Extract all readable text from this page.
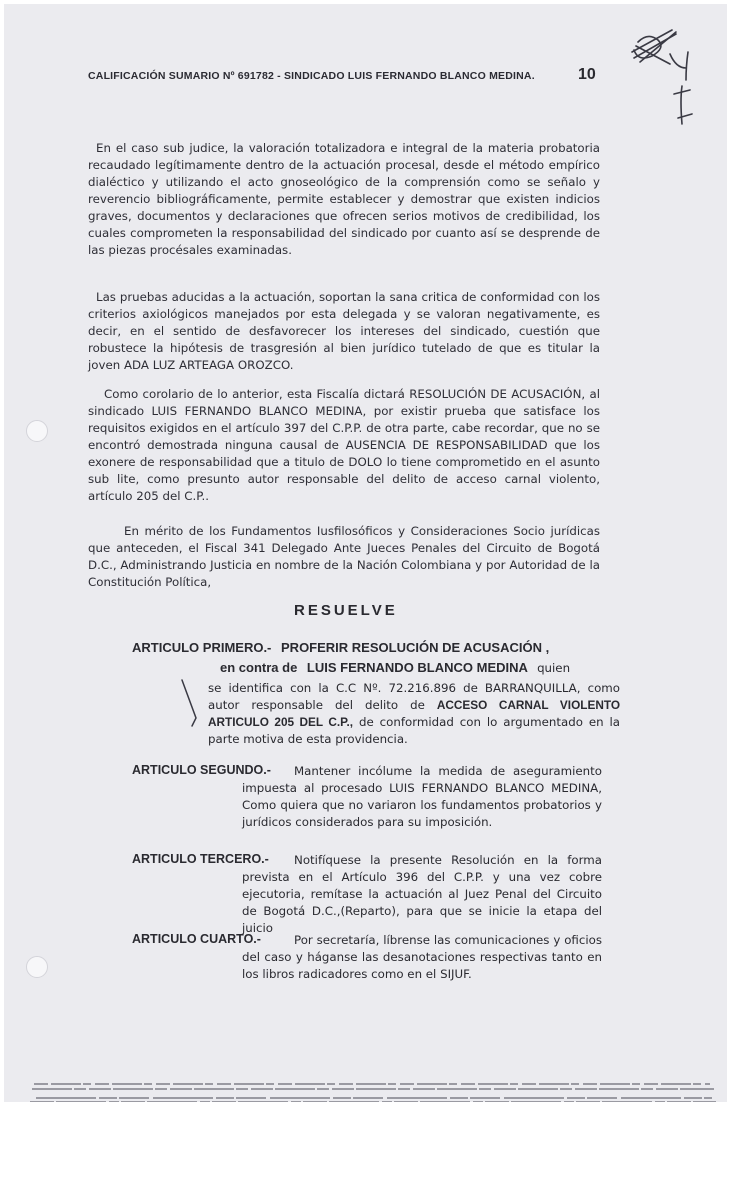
CALIFICACIÓN SUMARIO Nº 691782 - SINDICADO LUIS FERNANDO BLANCO MEDINA.	10

En el caso sub judice, la valoración totalizadora e integral de la materia probatoria recaudado legítimamente dentro de la actuación procesal, desde el método empírico dialéctico y utilizando el acto gnoseológico de la comprensión como se señalo y reverencio bibliográficamente, permite establecer y demostrar que existen indicios graves, documentos y declaraciones que ofrecen serios motivos de credibilidad, los cuales comprometen la responsabilidad del sindicado por cuanto así se desprende de las piezas procésales examinadas.

Las pruebas aducidas a la actuación, soportan la sana critica de conformidad con los criterios axiológicos manejados por esta delegada y se valoran negativamente, es decir, en el sentido de desfavorecer los intereses del sindicado, cuestión que robustece la hipótesis de trasgresión al bien jurídico tutelado de que es titular la joven ADA LUZ ARTEAGA OROZCO.

Como corolario de lo anterior, esta Fiscalía dictará RESOLUCIÓN DE ACUSACIÓN, al sindicado LUIS FERNANDO BLANCO MEDINA, por existir prueba que satisface los requisitos exigidos en el artículo 397 del C.P.P. de otra parte, cabe recordar, que no se encontró demostrada ninguna causal de AUSENCIA DE RESPONSABILIDAD que los exonere de responsabilidad que a titulo de DOLO lo tiene comprometido en el asunto sub lite, como presunto autor responsable del delito de acceso carnal violento, artículo 205 del C.P..

En mérito de los Fundamentos Iusfilosóficos y Consideraciones Socio jurídicas que anteceden, el Fiscal 341 Delegado Ante Jueces Penales del Circuito de Bogotá D.C., Administrando Justicia en nombre de la Nación Colombiana y por Autoridad de la Constitución Política,

RESUELVE
ARTICULO PRIMERO.- PROFERIR RESOLUCIÓN DE ACUSACIÓN ,
en contra de LUIS FERNANDO BLANCO MEDINA quien

se identifica con la C.C Nº. 72.216.896 de BARRANQUILLA, como autor responsable del delito de ACCESO CARNAL VIOLENTO ARTICULO 205 DEL C.P., de conformidad con lo argumentado en la parte motiva de esta providencia.

ARTICULO SEGUNDO.-	Mantener incólume la medida de aseguramiento impuesta al procesado LUIS FERNANDO BLANCO MEDINA, Como quiera que no variaron los fundamentos probatorios y jurídicos considerados para su imposición.

ARTICULO TERCERO.-	Notifíquese la presente Resolución en la forma prevista en el Artículo 396 del C.P.P. y una vez cobre ejecutoria, remítase la actuación al Juez Penal del Circuito de Bogotá D.C.,(Reparto), para que se inicie la etapa del juicio

ARTICULO CUARTO.-	Por secretaría, líbrense las comunicaciones y oficios del caso y háganse las desanotaciones respectivas tanto en los libros radicadores como en el SIJUF.
